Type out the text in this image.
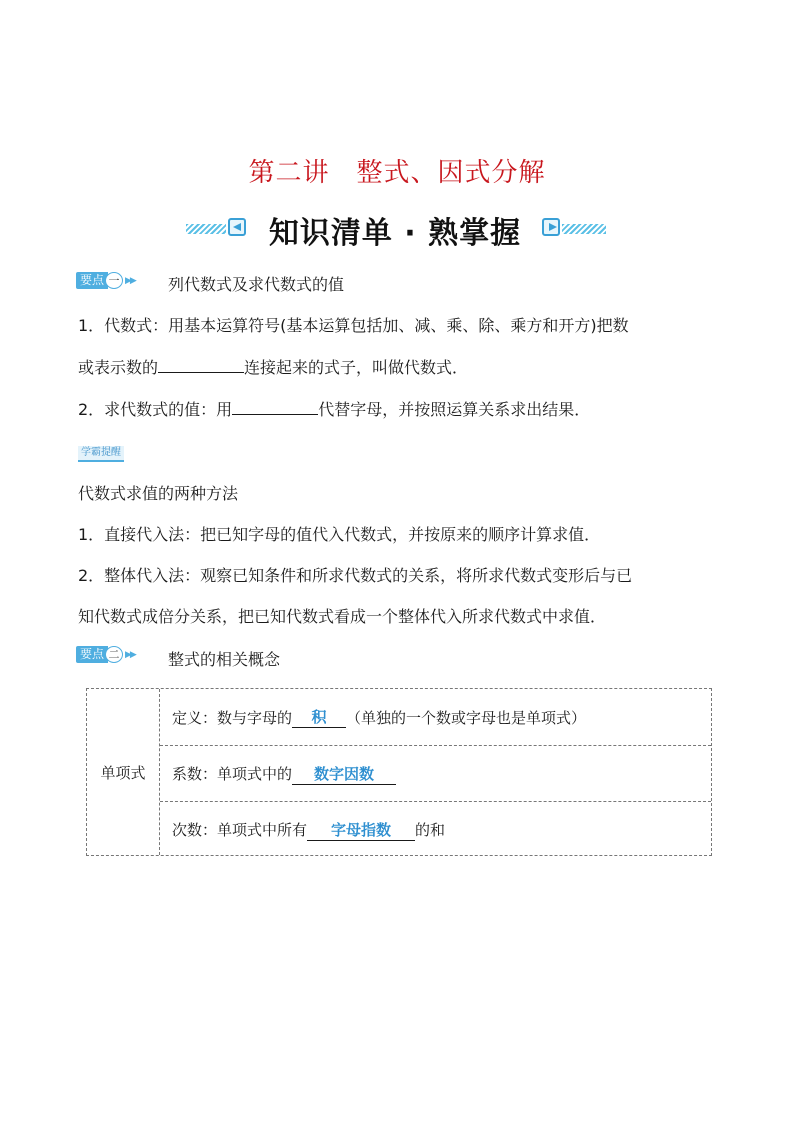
第二讲　整式、因式分解
知识清单 · 熟掌握
要点 一 ▶▶ 列代数式及求代数式的值
1．代数式：用基本运算符号(基本运算包括加、减、乘、除、乘方和开方)把数
或表示数的	连接起来的式子，叫做代数式．
2．求代数式的值：用	代替字母，并按照运算关系求出结果．
学霸提醒
代数式求值的两种方法
1．直接代入法：把已知字母的值代入代数式，并按原来的顺序计算求值．
2．整体代入法：观察已知条件和所求代数式的关系，将所求代数式变形后与已
知代数式成倍分关系，把已知代数式看成一个整体代入所求代数式中求值．
要点 二 ▶▶ 整式的相关概念
单项式
定义：数与字母的	积	（单独的一个数或字母也是单项式）
系数：单项式中的	数字因数
次数：单项式中所有	字母指数	的和
